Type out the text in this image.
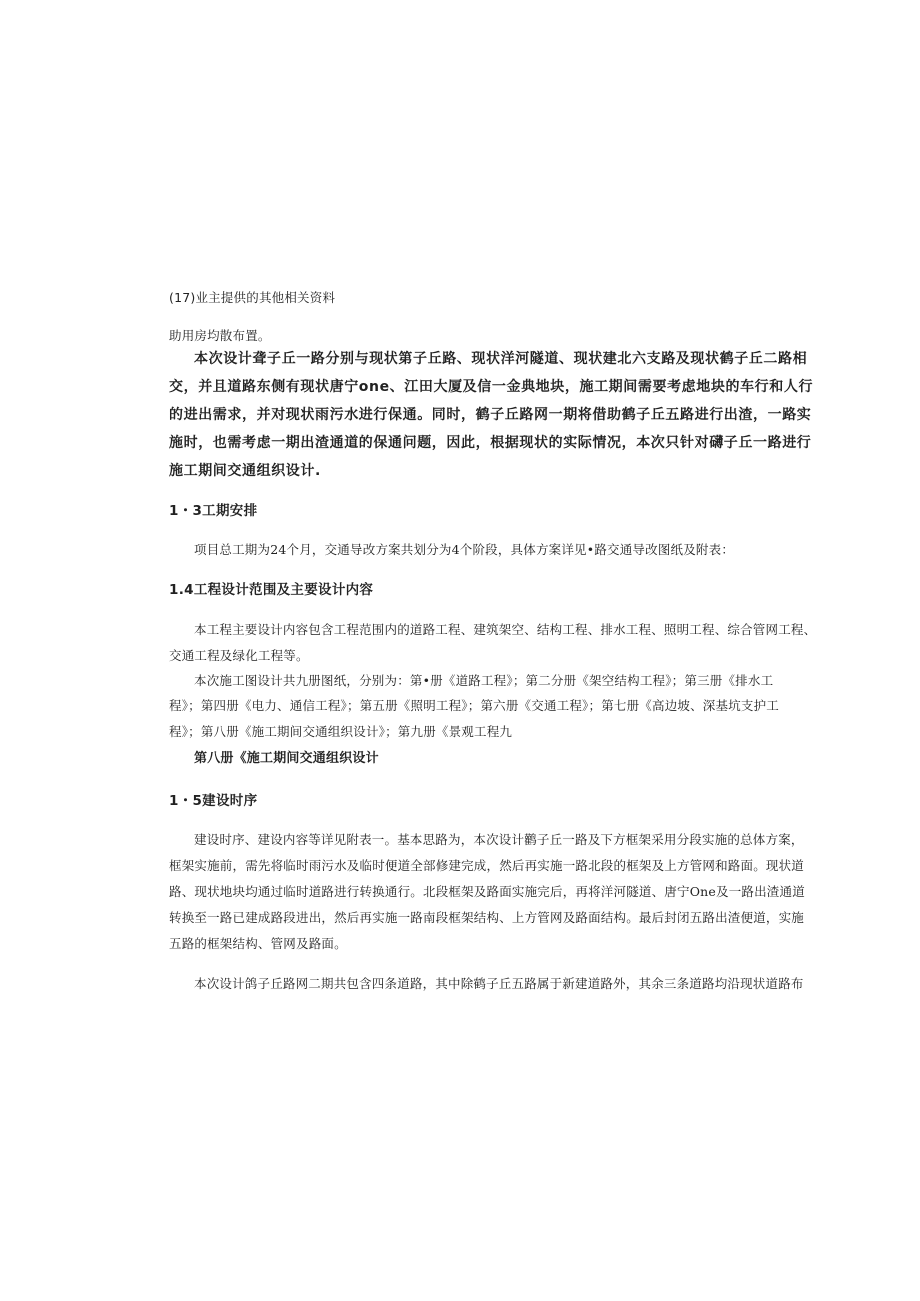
(17)业主提供的其他相关资料
助用房均散布置。
本次设计聋子丘一路分别与现状第子丘路、现状洋河隧道、现状建北六支路及现状鹤子丘二路相
交，并且道路东侧有现状唐宁one、江田大厦及信一金典地块，施工期间需要考虑地块的车行和人行
的进出需求，并对现状雨污水进行保通。同时，鹤子丘路网一期将借助鹤子丘五路进行出渣，一路实
施时，也需考虑一期出渣通道的保通问题，因此，根据现状的实际情况，本次只针对礴子丘一路进行
施工期间交通组织设计.
1・3工期安排
项目总工期为24个月，交通导改方案共划分为4个阶段，具体方案详见•路交通导改图纸及附表：
1.4工程设计范围及主要设计内容
本工程主要设计内容包含工程范围内的道路工程、建筑架空、结构工程、排水工程、照明工程、综合管网工程、
交通工程及绿化工程等。
本次施工图设计共九册图纸，分别为：第•册《道路工程》；第二分册《架空结构工程》；第三册《排水工
程》；第四册《电力、通信工程》；第五册《照明工程》；第六册《交通工程》；第七册《高边坡、深基坑支护工
程》；第八册《施工期间交通组织设计》；第九册《景观工程九
第八册《施工期间交通组织设计
1・5建设时序
建设时序、建设内容等详见附表一。基本思路为，本次设计鹳子丘一路及下方框架采用分段实施的总体方案，
框架实施前，需先将临时雨污水及临时便道全部修建完成，然后再实施一路北段的框架及上方管网和路面。现状道
路、现状地块均通过临时道路进行转换通行。北段框架及路面实施完后，再将洋河隧道、唐宁One及一路出渣通道
转换至一路已建成路段进出，然后再实施一路南段框架结构、上方管网及路面结构。最后封闭五路出渣便道，实施
五路的框架结构、管网及路面。
本次设计鸽子丘路网二期共包含四条道路，其中除鹤子丘五路属于新建道路外，其余三条道路均沿现状道路布
